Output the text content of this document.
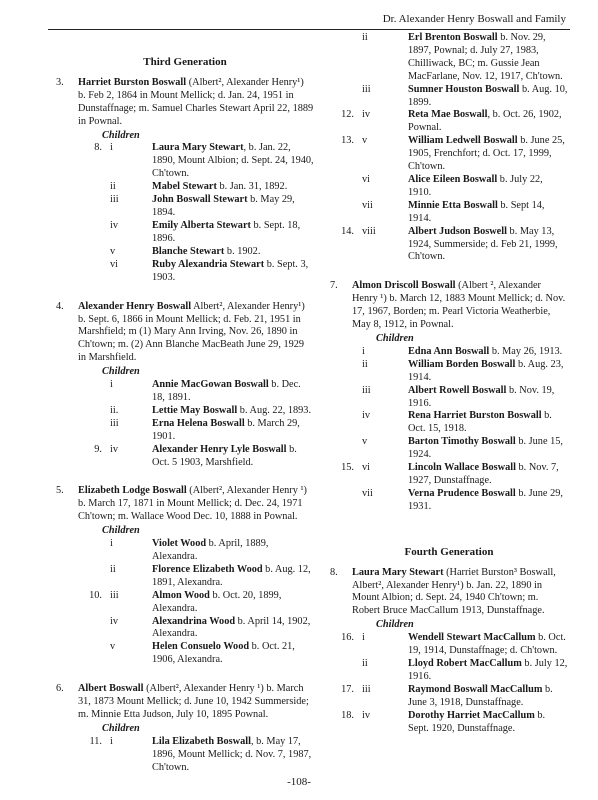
Dr. Alexander Henry Boswall and Family
Third Generation
3. Harriet Burston Boswall (Albert², Alexander Henry¹) b. Feb 2, 1864 in Mount Mellick; d. Jan. 24, 1951 in Dunstaffnage; m. Samuel Charles Stewart April 22, 1889 in Pownal.
Children
8. i	Laura Mary Stewart, b. Jan. 22, 1890, Mount Albion; d. Sept. 24, 1940, Ch'town.
ii	Mabel Stewart b. Jan. 31, 1892.
iii	John Boswall Stewart b. May 29, 1894.
iv	Emily Alberta Stewart b. Sept. 18, 1896.
v	Blanche Stewart b. 1902.
vi	Ruby Alexandria Stewart b. Sept. 3, 1903.
4. Alexander Henry Boswall Albert², Alexander Henry¹) b. Sept. 6, 1866 in Mount Mellick; d. Feb. 21, 1951 in Marshfield; m (1) Mary Ann Irving, Nov. 26, 1890 in Ch'town; m. (2) Ann Blanche MacBeath June 29, 1929 in Marshfield.
Children
i	Annie MacGowan Boswall b. Dec. 18, 1891.
ii.	Lettie May Boswall b. Aug. 22, 1893.
iii	Erna Helena Boswall b. March 29, 1901.
9. iv	Alexander Henry Lyle Boswall b. Oct. 5 1903, Marshfield.
5. Elizabeth Lodge Boswall (Albert², Alexander Henry ¹) b. March 17, 1871 in Mount Mellick; d. Dec. 24, 1971 Ch'town; m. Wallace Wood Dec. 10, 1888 in Pownal.
Children
i	Violet Wood b. April, 1889, Alexandra.
ii	Florence Elizabeth Wood b. Aug. 12, 1891, Alexandra.
10. iii	Almon Wood b. Oct. 20, 1899, Alexandra.
iv	Alexandrina Wood b. April 14, 1902, Alexandra.
v	Helen Consuelo Wood b. Oct. 21, 1906, Alexandra.
6. Albert Boswall (Albert², Alexander Henry ¹) b. March 31, 1873 Mount Mellick; d. June 10, 1942 Summerside; m. Minnie Etta Judson, July 10, 1895 Pownal.
Children
11. i	Lila Elizabeth Boswall, b. May 17, 1896, Mount Mellick; d. Nov. 7, 1987, Ch'town.
ii	Erl Brenton Boswall b. Nov. 29, 1897, Pownal; d. July 27, 1983, Chilliwack, BC; m. Gussie Jean MacFarlane, Nov. 12, 1917, Ch'town.
iii	Sumner Houston Boswall b. Aug. 10, 1899.
12. iv	Reta Mae Boswall, b. Oct. 26, 1902, Pownal.
13. v	William Ledwell Boswall b. June 25, 1905, Frenchfort; d. Oct. 17, 1999, Ch'town.
vi	Alice Eileen Boswall b. July 22, 1910.
vii	Minnie Etta Boswall b. Sept 14, 1914.
14. viii	Albert Judson Boswell b. May 13, 1924, Summerside; d. Feb 21, 1999, Ch'town.
7. Almon Driscoll Boswall (Albert ², Alexander Henry ¹) b. March 12, 1883 Mount Mellick; d. Nov. 17, 1967, Borden; m. Pearl Victoria Weatherbie, May 8, 1912, in Pownal.
Children
i	Edna Ann Boswall b. May 26, 1913.
ii	William Borden Boswall b. Aug. 23, 1914.
iii	Albert Rowell Boswall b. Nov. 19, 1916.
iv	Rena Harriet Burston Boswall b. Oct. 15, 1918.
v	Barton Timothy Boswall b. June 15, 1924.
15. vi	Lincoln Wallace Boswall b. Nov. 7, 1927, Dunstaffnage.
vii	Verna Prudence Boswall b. June 29, 1931.
Fourth Generation
8. Laura Mary Stewart (Harriet Burston³ Boswall, Albert², Alexander Henry¹) b. Jan. 22, 1890 in Mount Albion; d. Sept. 24, 1940 Ch'town; m. Robert Bruce MacCallum 1913, Dunstaffnage.
Children
16. i	Wendell Stewart MacCallum b. Oct. 19, 1914, Dunstaffnage; d. Ch'town.
ii	Lloyd Robert MacCallum b. July 12, 1916.
17. iii	Raymond Boswall MacCallum b. June 3, 1918, Dunstaffnage.
18. iv	Dorothy Harriet MacCallum b. Sept. 1920, Dunstaffnage.
-108-
